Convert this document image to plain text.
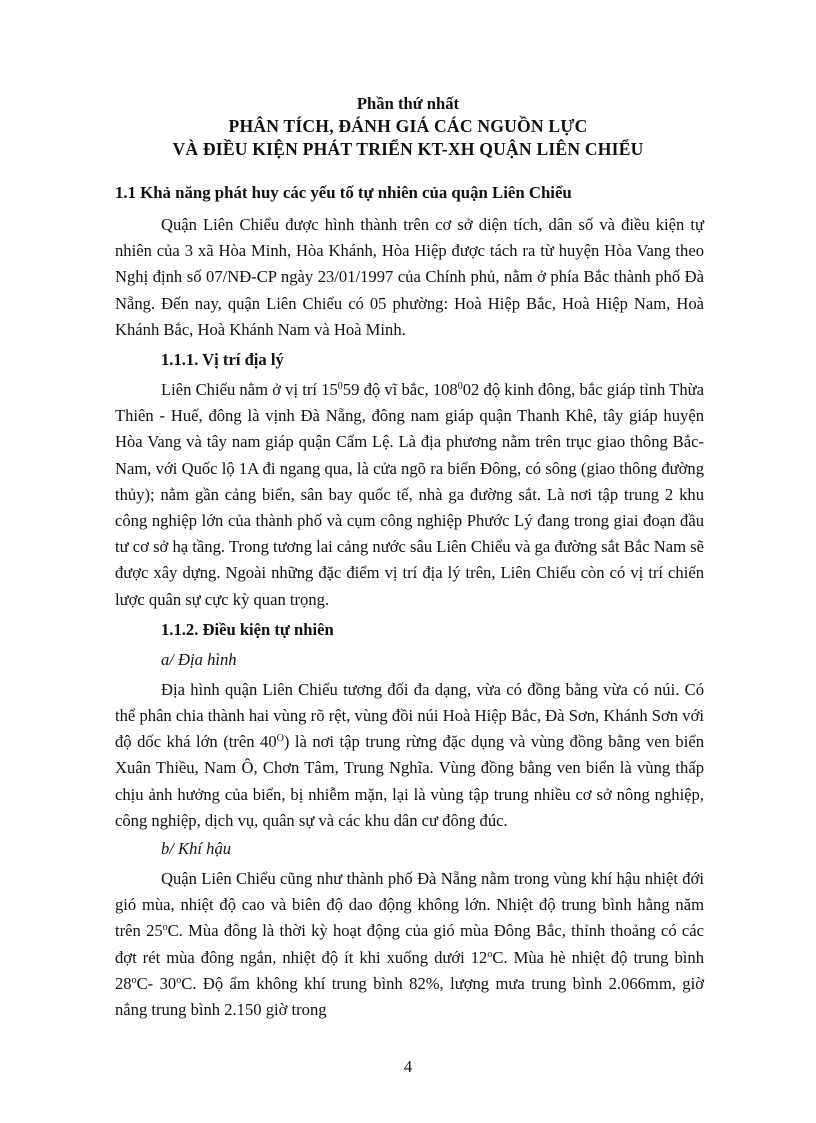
Phần thứ nhất
PHÂN TÍCH, ĐÁNH GIÁ CÁC NGUỒN LỰC
VÀ ĐIỀU KIỆN PHÁT TRIỂN KT-XH QUẬN LIÊN CHIỂU
1.1 Khả năng phát huy các yếu tố tự nhiên của quận Liên Chiểu

Quận Liên Chiểu được hình thành trên cơ sở diện tích, dân số và điều kiện tự nhiên của 3 xã Hòa Minh, Hòa Khánh, Hòa Hiệp được tách ra từ huyện Hòa Vang theo Nghị định số 07/NĐ-CP ngày 23/01/1997 của Chính phủ, nằm ở phía Bắc thành phố Đà Nẵng. Đến nay, quận Liên Chiểu có 05 phường: Hoà Hiệp Bắc, Hoà Hiệp Nam, Hoà Khánh Bắc, Hoà Khánh Nam và Hoà Minh.

1.1.1. Vị trí địa lý

Liên Chiểu nằm ở vị trí $15^059$ độ vĩ bắc, $108^002$ độ kinh đông, bắc giáp tỉnh Thừa Thiên - Huế, đông là vịnh Đà Nẵng, đông nam giáp quận Thanh Khê, tây giáp huyện Hòa Vang và tây nam giáp quận Cẩm Lệ. Là địa phương nằm trên trục giao thông Bắc-Nam, với Quốc lộ 1A đi ngang qua, là cửa ngõ ra biển Đông, có sông (giao thông đường thủy); nằm gần cảng biển, sân bay quốc tế, nhà ga đường sắt. Là nơi tập trung 2 khu công nghiệp lớn của thành phố và cụm công nghiệp Phước Lý đang trong giai đoạn đầu tư cơ sở hạ tầng. Trong tương lai cảng nước sâu Liên Chiểu và ga đường sắt Bắc Nam sẽ được xây dựng. Ngoài những đặc điểm vị trí địa lý trên, Liên Chiểu còn có vị trí chiến lược quân sự cực kỳ quan trọng.

1.1.2. Điều kiện tự nhiên
a/ Địa hình

Địa hình quận Liên Chiểu tương đối đa dạng, vừa có đồng bằng vừa có núi. Có thể phân chia thành hai vùng rõ rệt, vùng đồi núi Hoà Hiệp Bắc, Đà Sơn, Khánh Sơn với độ dốc khá lớn (trên $40^O$) là nơi tập trung rừng đặc dụng và vùng đồng bằng ven biển Xuân Thiều, Nam Ô, Chơn Tâm, Trung Nghĩa. Vùng đồng bằng ven biển là vùng thấp chịu ảnh hưởng của biển, bị nhiễm mặn, lại là vùng tập trung nhiều cơ sở nông nghiệp, công nghiệp, dịch vụ, quân sự và các khu dân cư đông đúc.

b/ Khí hậu

Quận Liên Chiểu cũng như thành phố Đà Nẵng nằm trong vùng khí hậu nhiệt đới gió mùa, nhiệt độ cao và biên độ dao động không lớn. Nhiệt độ trung bình hằng năm trên 25$^o$C. Mùa đông là thời kỳ hoạt động của gió mùa Đông Bắc, thỉnh thoảng có các đợt rét mùa đông ngắn, nhiệt độ ít khi xuống dưới 12$^o$C. Mùa hè nhiệt độ trung bình 28$^o$C- 30$^o$C. Độ ẩm không khí trung bình 82%, lượng mưa trung bình 2.066mm, giờ nắng trung bình 2.150 giờ trong

4
